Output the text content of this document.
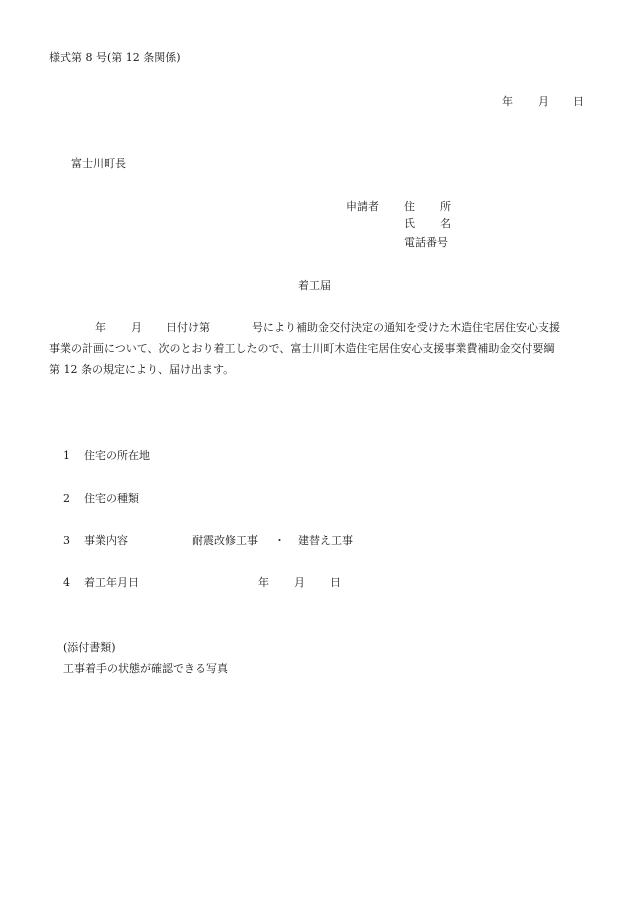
様式第 8 号(第 12 条関係)
年 月 日
富士川町長
申請者 住 所
氏 名
電話番号
着工届
年 月 日付け第	号により補助金交付決定の通知を受けた木造住宅居住安心支援
事業の計画について、次のとおり着工したので、富士川町木造住宅居住安心支援事業費補助金交付要綱
第 12 条の規定により、届け出ます。
1 住宅の所在地
2 住宅の種類
3 事業内容	耐震改修工事 ・ 建替え工事
4 着工年月日	年 月 日
(添付書類)
工事着手の状態が確認できる写真
